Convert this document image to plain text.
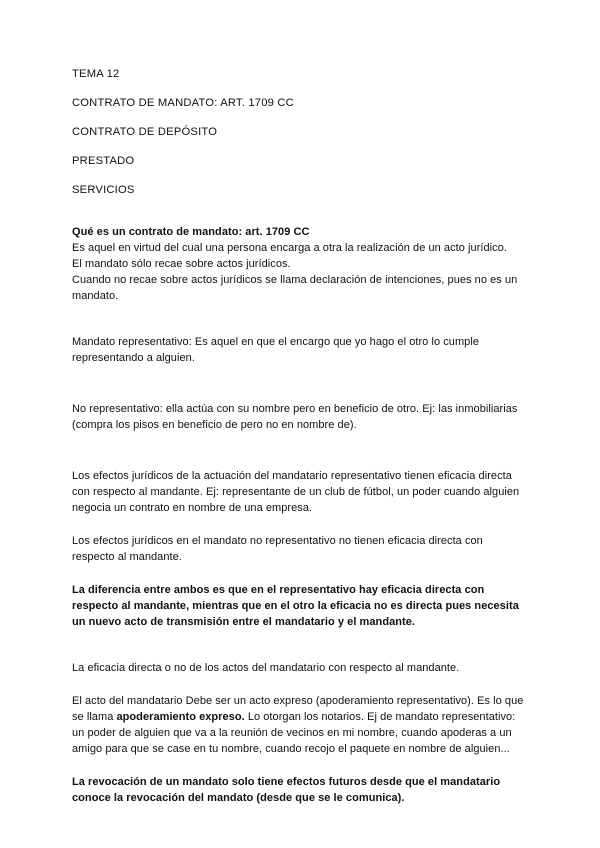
TEMA 12

CONTRATO DE MANDATO: ART. 1709 CC

CONTRATO DE DEPÓSITO

PRESTADO

SERVICIOS

Qué es un contrato de mandato: art. 1709 CC

Es aquel en virtud del cual una persona encarga a otra la realización de un acto jurídico.

El mandato sólo recae sobre actos jurídicos.

Cuando no recae sobre actos jurídicos se llama declaración de intenciones, pues no es un mandato.

Mandato representativo: Es aquel en que el encargo que yo hago el otro lo cumple representando a alguien.

No representativo: ella actúa con su nombre pero en beneficio de otro. Ej: las inmobiliarias (compra los pisos en beneficio de pero no en nombre de).

Los efectos jurídicos de la actuación del mandatario representativo tienen eficacia directa con respecto al mandante. Ej: representante de un club de fútbol, un poder cuando alguien negocia un contrato en nombre de una empresa.

Los efectos jurídicos en el mandato no representativo no tienen eficacia directa con respecto al mandante.

La diferencia entre ambos es que en el representativo hay eficacia directa con respecto al mandante, mientras que en el otro la eficacia no es directa pues necesita un nuevo acto de transmisión entre el mandatario y el mandante.

La eficacia directa o no de los actos del mandatario con respecto al mandante.

El acto del mandatario Debe ser un acto expreso (apoderamiento representativo). Es lo que se llama apoderamiento expreso. Lo otorgan los notarios. Ej de mandato representativo: un poder de alguien que va a la reunión de vecinos en mi nombre, cuando apoderas a un amigo para que se case en tu nombre, cuando recojo el paquete en nombre de alguien...

La revocación de un mandato solo tiene efectos futuros desde que el mandatario conoce la revocación del mandato (desde que se le comunica).
